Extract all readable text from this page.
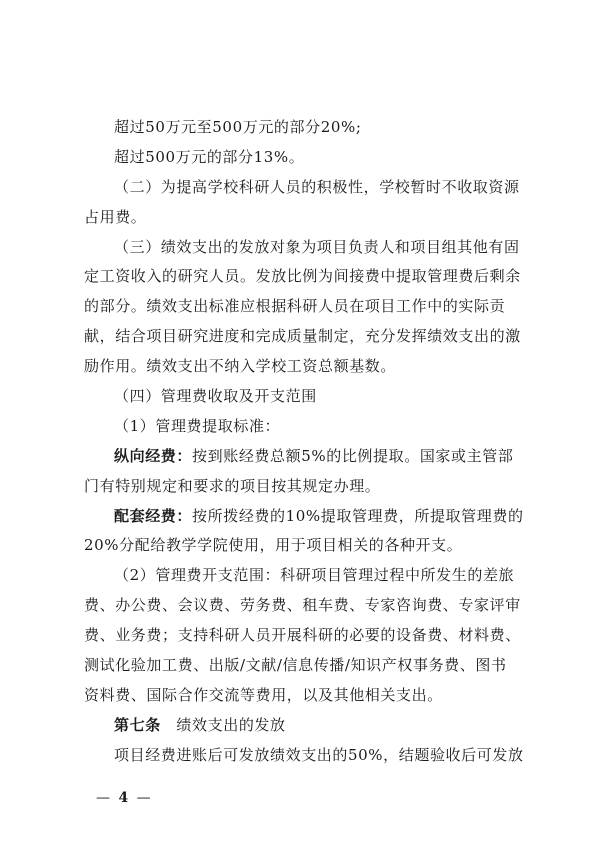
超过50万元至500万元的部分20%;
超过500万元的部分13%。
（二）为提高学校科研人员的积极性，学校暂时不收取资源
占用费。
（三）绩效支出的发放对象为项目负责人和项目组其他有固
定工资收入的研究人员。发放比例为间接费中提取管理费后剩余
的部分。绩效支出标准应根据科研人员在项目工作中的实际贡
献，结合项目研究进度和完成质量制定，充分发挥绩效支出的激
励作用。绩效支出不纳入学校工资总额基数。
（四）管理费收取及开支范围
（1）管理费提取标准：
纵向经费：按到账经费总额5%的比例提取。国家或主管部
门有特别规定和要求的项目按其规定办理。
配套经费：按所拨经费的10%提取管理费，所提取管理费的
20%分配给教学学院使用，用于项目相关的各种开支。
（2）管理费开支范围：科研项目管理过程中所发生的差旅
费、办公费、会议费、劳务费、租车费、专家咨询费、专家评审
费、业务费；支持科研人员开展科研的必要的设备费、材料费、
测试化验加工费、出版/文献/信息传播/知识产权事务费、图书
资料费、国际合作交流等费用，以及其他相关支出。
第七条　绩效支出的发放
项目经费进账后可发放绩效支出的50%，结题验收后可发放
— 4 —
